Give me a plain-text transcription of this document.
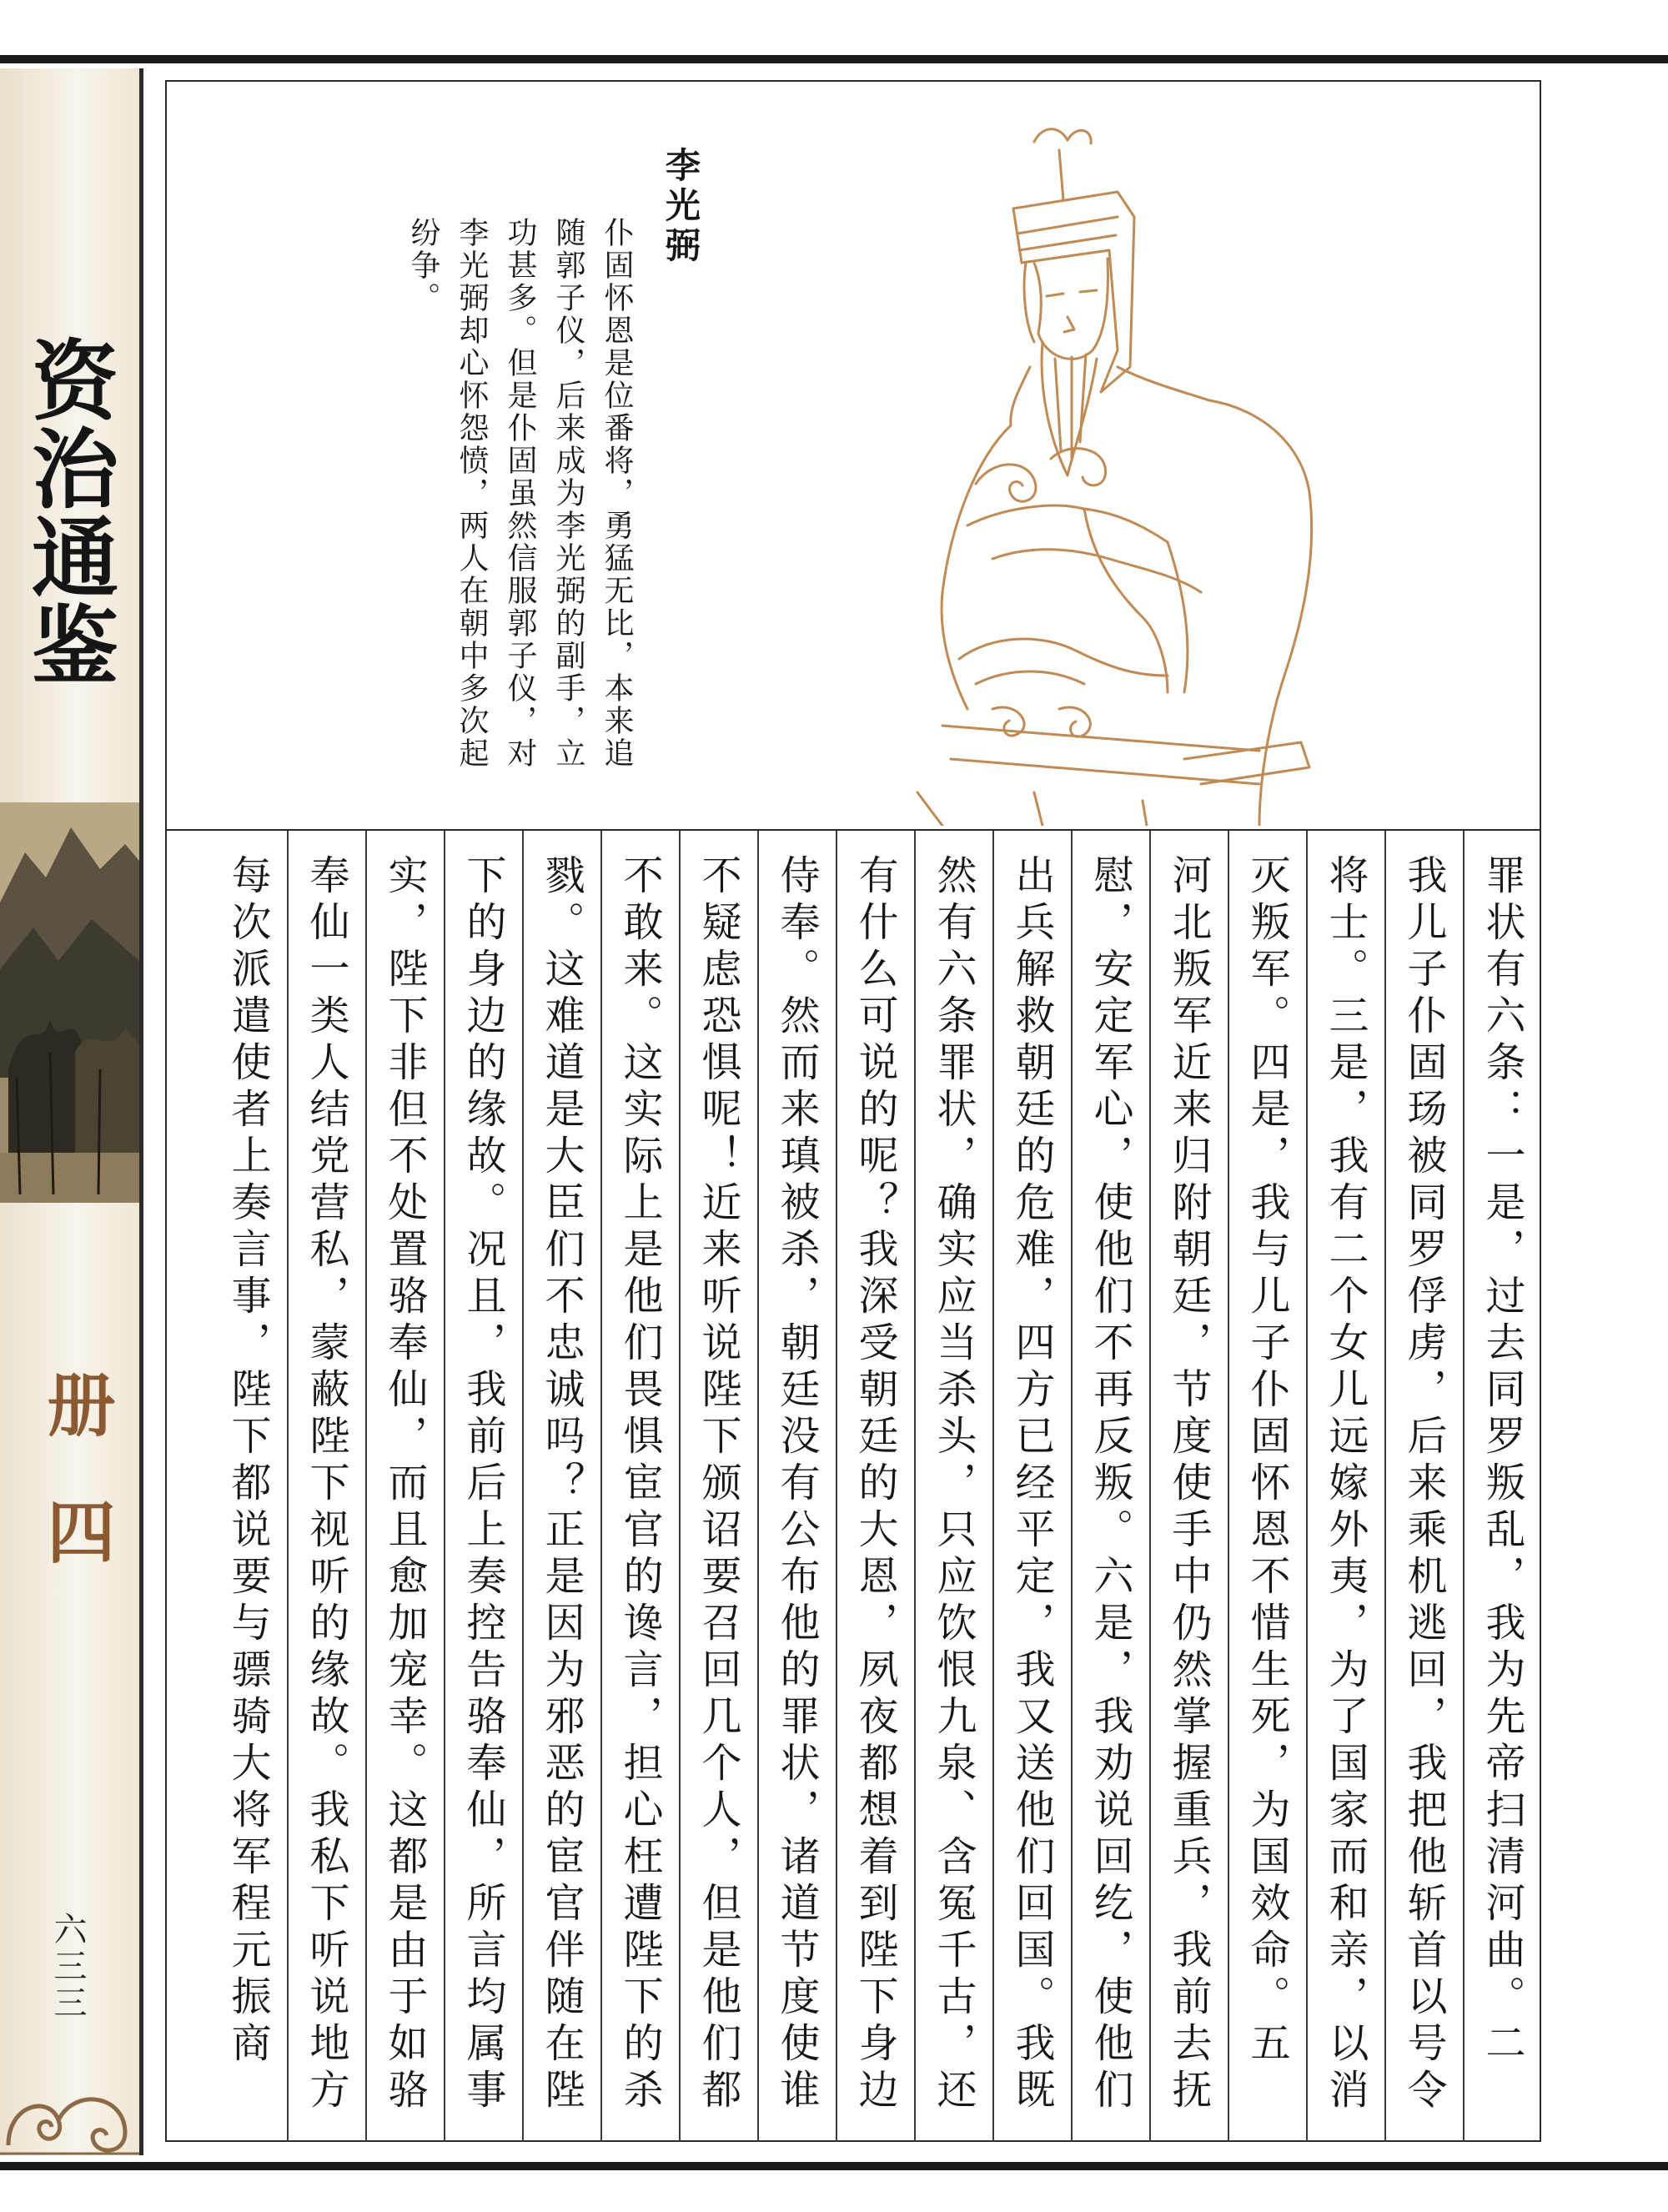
资治通鉴
册四
六三三
李光弼
仆固怀恩是位番将，勇猛无比，本来追随郭子仪，后来成为李光弼的副手，立功甚多。但是仆固虽然信服郭子仪，对李光弼却心怀怨愤，两人在朝中多次起纷争。
罪状有六条：一是，过去同罗叛乱，我为先帝扫清河曲。二
我儿子仆固玚被同罗俘虏，后来乘机逃回，我把他斩首以号令
将士。三是，我有二个女儿远嫁外夷，为了国家而和亲，以消
灭叛军。四是，我与儿子仆固怀恩不惜生死，为国效命。五
河北叛军近来归附朝廷，节度使手中仍然掌握重兵，我前去抚
慰，安定军心，使他们不再反叛。六是，我劝说回纥，使他们
出兵解救朝廷的危难，四方已经平定，我又送他们回国。我既
然有六条罪状，确实应当杀头，只应饮恨九泉、含冤千古，还
有什么可说的呢？我深受朝廷的大恩，夙夜都想着到陛下身边
侍奉。然而来瑱被杀，朝廷没有公布他的罪状，诸道节度使谁
不疑虑恐惧呢！近来听说陛下颁诏要召回几个人，但是他们都
不敢来。这实际上是他们畏惧宦官的谗言，担心枉遭陛下的杀
戮。这难道是大臣们不忠诚吗？正是因为邪恶的宦官伴随在陛
下的身边的缘故。况且，我前后上奏控告骆奉仙，所言均属事
实，陛下非但不处置骆奉仙，而且愈加宠幸。这都是由于如骆
奉仙一类人结党营私，蒙蔽陛下视听的缘故。我私下听说地方
每次派遣使者上奏言事，陛下都说要与骠骑大将军程元振商
